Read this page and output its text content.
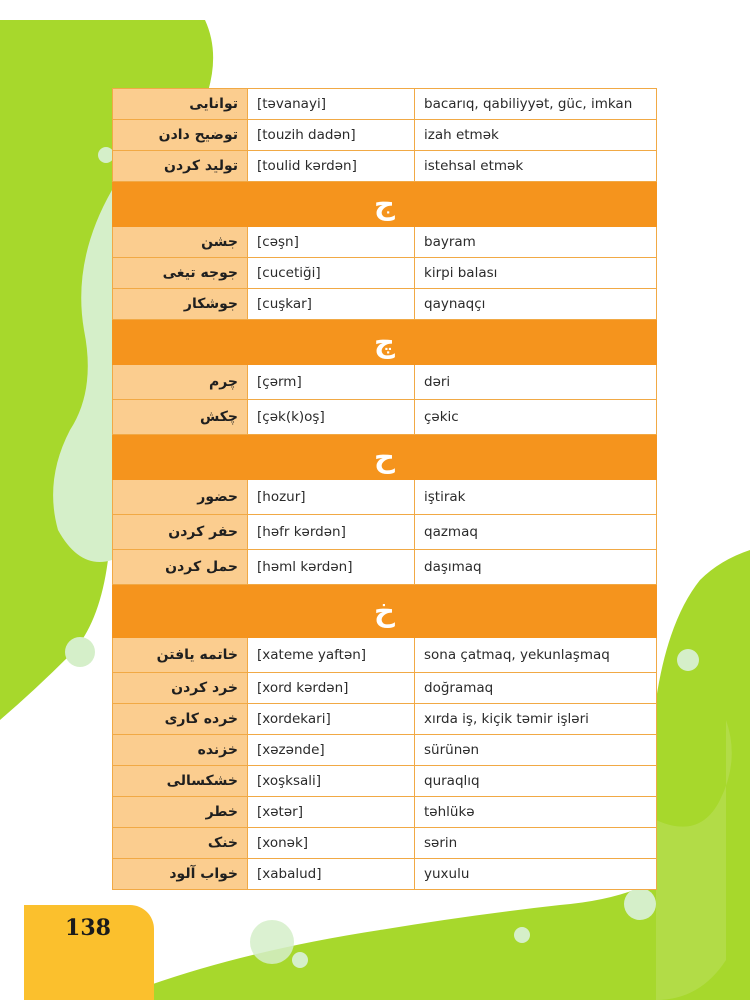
توانایی	[təvanayi]	bacarıq, qabiliyyət, güc, imkan
توضیح دادن	[touzih dadən]	izah etmək
تولید کردن	[toulid kərdən]	istehsal etmək
ج		
جشن	[cəşn]	bayram
جوجه تیغی	[cucetiği]	kirpi balası
جوشکار	[cuşkar]	qaynaqçı
چ		
چرم	[çərm]	dəri
چکش	[çək(k)oş]	çəkic
ح		
حضور	[hozur]	iştirak
حفر کردن	[həfr kərdən]	qazmaq
حمل کردن	[həml kərdən]	daşımaq
خ		
خاتمه یافتن	[xateme yaftən]	sona çatmaq, yekunlaşmaq
خرد کردن	[xord kərdən]	doğramaq
خرده کاری	[xordekari]	xırda iş, kiçik təmir işləri
خزنده	[xəzənde]	sürünən
خشکسالی	[xoşksali]	quraqlıq
خطر	[xətər]	təhlükə
خنک	[xonək]	sərin
خواب آلود	[xabalud]	yuxulu
138
